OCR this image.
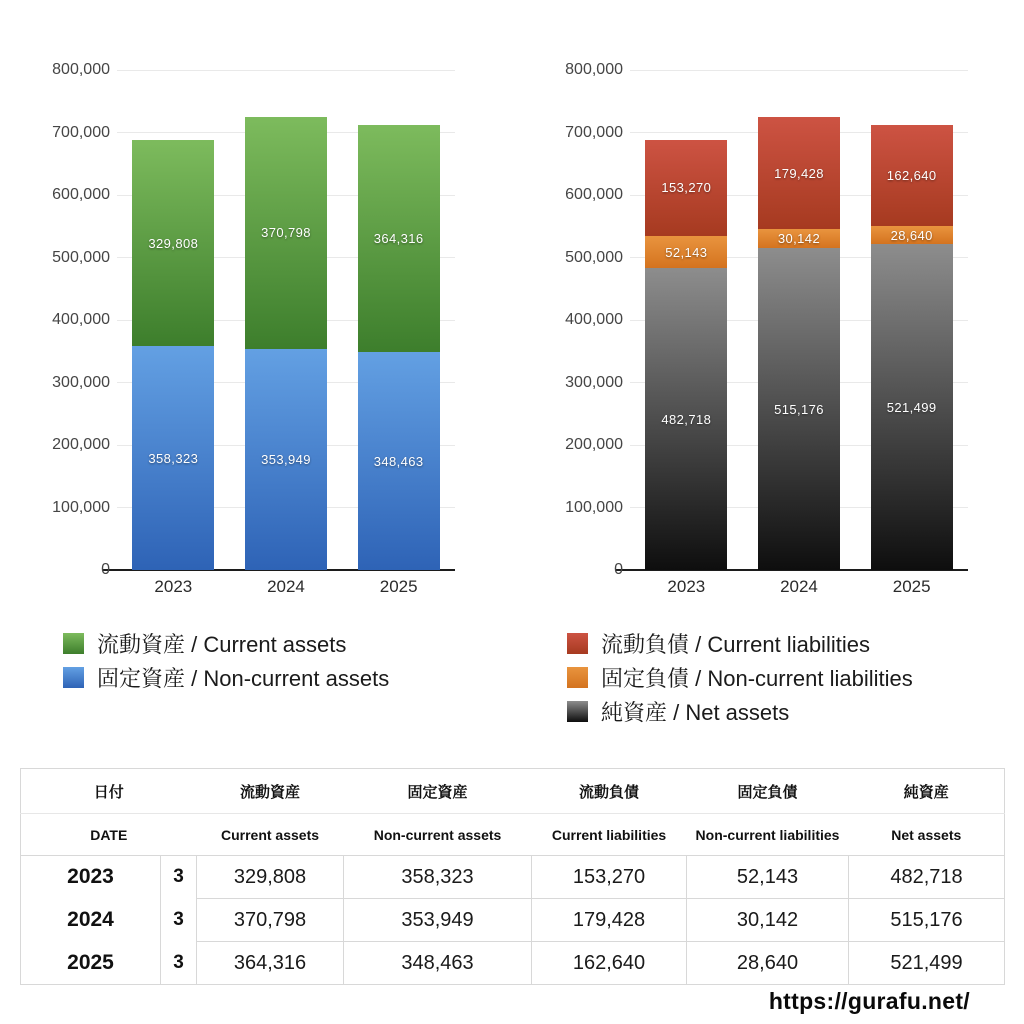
358,323
329,808
2023
353,949
370,798
2024
348,463
364,316
2025
0
100,000
200,000
300,000
400,000
500,000
600,000
700,000
800,000
流動資産 / Current assets
固定資産 / Non-current assets
482,718
52,143
153,270
2023
515,176
30,142
179,428
2024
521,499
28,640
162,640
2025
0
100,000
200,000
300,000
400,000
500,000
600,000
700,000
800,000
流動負債 / Current liabilities
固定負債 / Non-current liabilities
純資産 / Net assets
日付		流動資産	固定資産	流動負債	固定負債	純資産
DATE		Current assets	Non-current assets	Current liabilities	Non-current liabilities	Net assets
2023	3	329,808	358,323	153,270	52,143	482,718
2024	3	370,798	353,949	179,428	30,142	515,176
2025	3	364,316	348,463	162,640	28,640	521,499
https://gurafu.net/
